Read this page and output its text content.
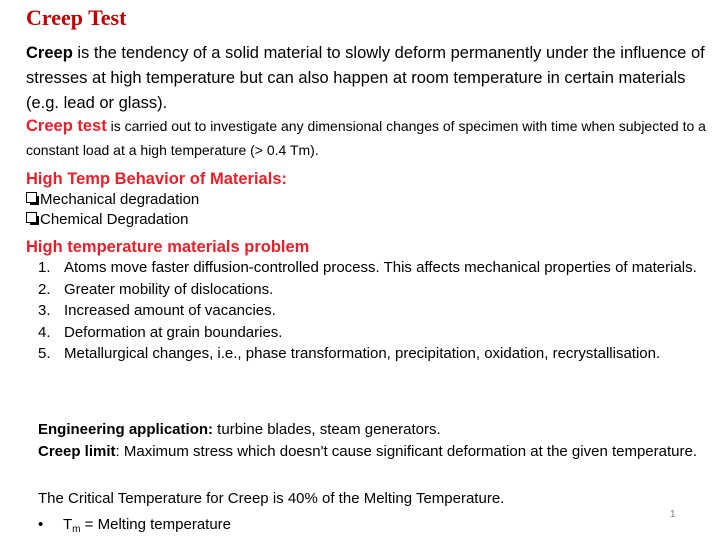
Creep Test
Creep is the tendency of a solid material to slowly deform permanently under the influence of stresses at high temperature but can also happen at room temperature in certain materials (e.g. lead or glass).
Creep test is carried out to investigate any dimensional changes of specimen with time when subjected to a constant load at a high temperature (> 0.4 Tm).
High Temp Behavior of Materials:
Mechanical degradation
Chemical Degradation
High temperature materials problem
1. Atoms move faster diffusion-controlled process. This affects mechanical properties of materials.
2. Greater mobility of dislocations.
3. Increased amount of vacancies.
4. Deformation at grain boundaries.
5. Metallurgical changes, i.e., phase transformation, precipitation, oxidation, recrystallisation.
Engineering application: turbine blades, steam generators.
Creep limit: Maximum stress which doesn't cause significant deformation at the given temperature.
The Critical Temperature for Creep is 40% of the Melting Temperature.
• $T_m$ = Melting temperature
1
